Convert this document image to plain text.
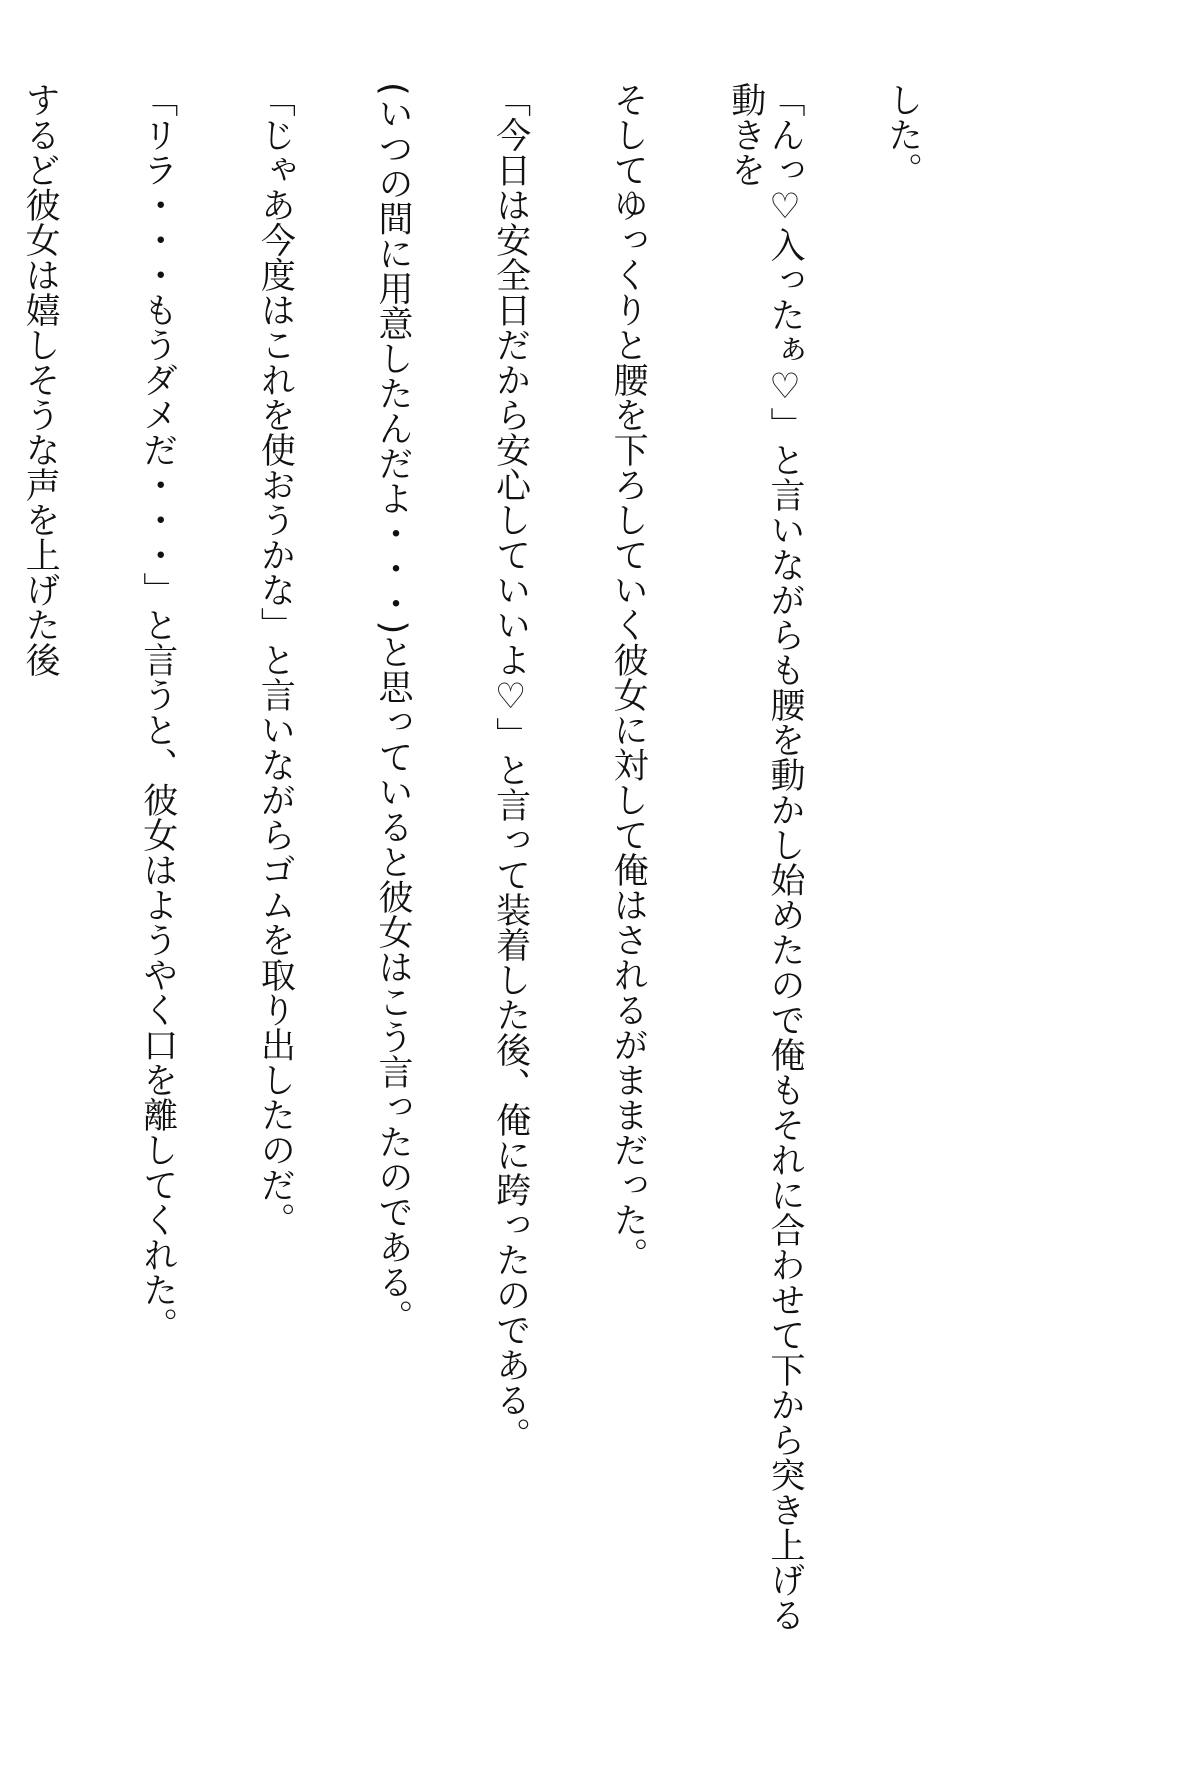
した。

「んっ♡入ったぁ♡」と言いながらも腰を動かし始めたので俺もそれに合わせて下から突き上げる動きを

そしてゆっくりと腰を下ろしていく彼女に対して俺はされるがままだった。

「今日は安全日だから安心していいよ♡」と言って装着した後、俺に跨ったのである。

(いつの間に用意したんだよ・・・)と思っていると彼女はこう言ったのである。

「じゃあ今度はこれを使おうかな」と言いながらゴムを取り出したのだ。

「リラ・・・もうダメだ・・・」と言うと、彼女はようやく口を離してくれた。

するど彼女は嬉しそうな声を上げた後
